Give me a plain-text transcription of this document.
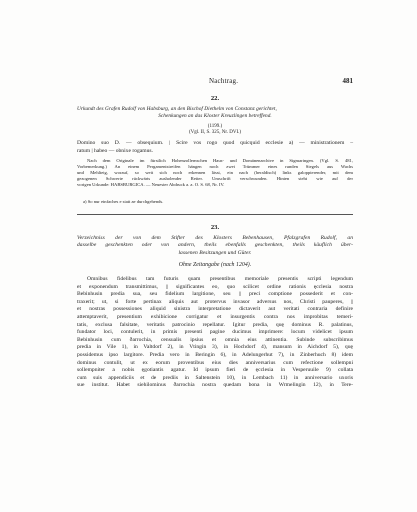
Nachtrag.	481
22.
Urkundt des Grafen Rudolf von Habsburg, an den Bischof Diethelm von Constanz gerichtet,
Schenkungen an das Kloster Kreuzlingen betreffend.
(1199.)
(Vgl. II, S. 325, Nr. DVI.)
Domino suo D. — obsequium. | Scire vos rogo quod quicquid ecclesie a) — ministrationem ‒
ratum | habeo — obnixe rogamus.
Nach dem Originale im fürstlich Hohenzollernschen Haus- und Domänenarchive in Sigmaringen. (Vgl. S. 481,
Vorbemerkung.) An einem Pergamentstreifen hängen noch zwei Trümmer eines runden Siegels aus Wachs
und Mehlteig, worauf, so weit sich noch erkennen lässt, ein nach (heraldisch) links galoppierender, mit dem
gezogenen Schwerte rückwärts ausholender Reiter. Umschrift verschwunden. Hinten steht wie auf der
vorigen Urkunde: HABSBURGICA. — Neuester Abdruck a. a. O. S. 68, Nr. IV.
a) So nur einfaches e statt ae durchgehends.
23.
Verzeichniss der von dem Stifter des Klosters Bebenhausen, Pfalzgrafen Rudolf, an
dasselbe geschenkten oder von andern, theils ebenfalls geschenkten, theils käuflich über-
lassenen Besitzungen und Güter.
Ohne Zeitangabe (nach 1204).
Omnibus fidelibus tam futuris quam presentibus memoriale presentis scripti legendum
et exponendum transmittimus, || significantes eo, quo scilicet ordine rationis ęcclesia nostra
Bebinhusin predia sua, seu fidelium largitione, seu || preci comptione possederit et con-
traxerit; ut, si forte pertinax aliquis aut protervus invasor adversus nos, Christi pauperes, ||
et nostras possessiones aliquid sinistra interpretatione dictaverit aut veritati contraria definire
attemptaverit, presentium exhibicione corrigatur et insurgentis contra nos improbitas temeri-
tatis, exclusa falsitate, veritatis patrocinio repellatur. Igitur predia, quę dominus R. palatinus,
fundator loci, contulerit, in primis presenti pagine ducimus imprimere: locum videlicet ipsum
Bebinhusin cum ðarrochia, censualis ipsius et omnia eius attinentia. Subinde subscribimus
predia in Vile 1), in Valtdorf 2), in Vtingin 3), in Hochdorf 4), mansum in Aichdorf 5), quę
possidemus ipso largitore. Predia vero in Beringin 6), in Adelungerhut 7), in Zinberhuch 8) idem
dominus contulit, ut ex eorum proventibus eius dies anniversarius cum refectione sollempni
sollempniter a nobis ęgotiantis agatur. Id ipsum fieri de ęcclesia in Vesperuuile 9) collata
cum suis appendiciis et de prediis in Saltenstein 10), in Lembach 11) in anniversario uxoris
sue institut. Habet siehilominus ðarrochia nostra quedam bona in Wrmelingin 12), in Tere-
